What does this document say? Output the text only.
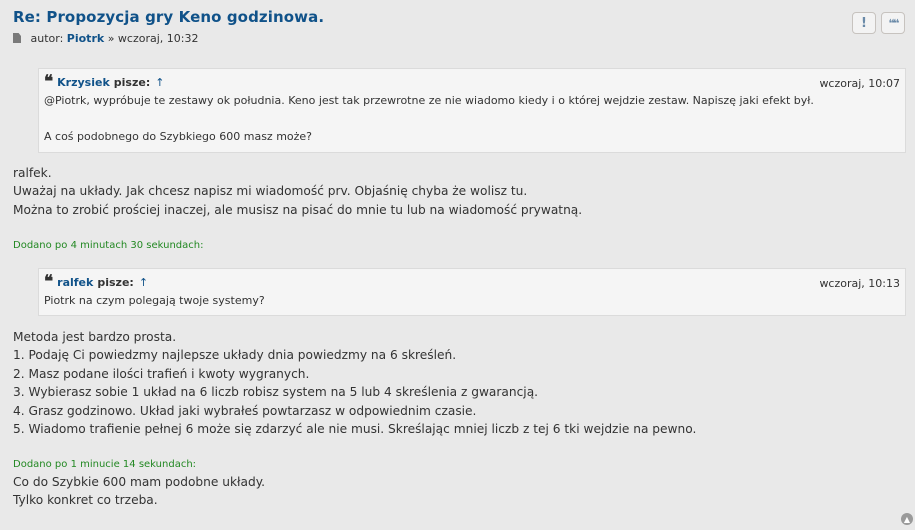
Re: Propozycja gry Keno godzinowa.
autor: Piotrk » wczoraj, 10:32
! ❝❝
❝ Krzysiek pisze: ↑	wczoraj, 10:07

@Piotrk, wypróbuje te zestawy ok południa. Keno jest tak przewrotne ze nie wiadomo kiedy i o której wejdzie zestaw. Napiszę jaki efekt był.

A coś podobnego do Szybkiego 600 masz może?

ralfek.

Uważaj na układy. Jak chcesz napisz mi wiadomość prv. Objaśnię chyba że wolisz tu.

Można to zrobić prościej inaczej, ale musisz na pisać do mnie tu lub na wiadomość prywatną.

Dodano po 4 minutach 30 sekundach:
❝ ralfek pisze: ↑	wczoraj, 10:13

Piotrk na czym polegają twoje systemy?

Metoda jest bardzo prosta.

1. Podaję Ci powiedzmy najlepsze układy dnia powiedzmy na 6 skreśleń.

2. Masz podane ilości trafień i kwoty wygranych.

3. Wybierasz sobie 1 układ na 6 liczb robisz system na 5 lub 4 skreślenia z gwarancją.

4. Grasz godzinowo. Układ jaki wybrałeś powtarzasz w odpowiednim czasie.

5. Wiadomo trafienie pełnej 6 może się zdarzyć ale nie musi. Skreślając mniej liczb z tej 6 tki wejdzie na pewno.

Dodano po 1 minucie 14 sekundach:

Co do Szybkie 600 mam podobne układy.

Tylko konkret co trzeba.

▲
